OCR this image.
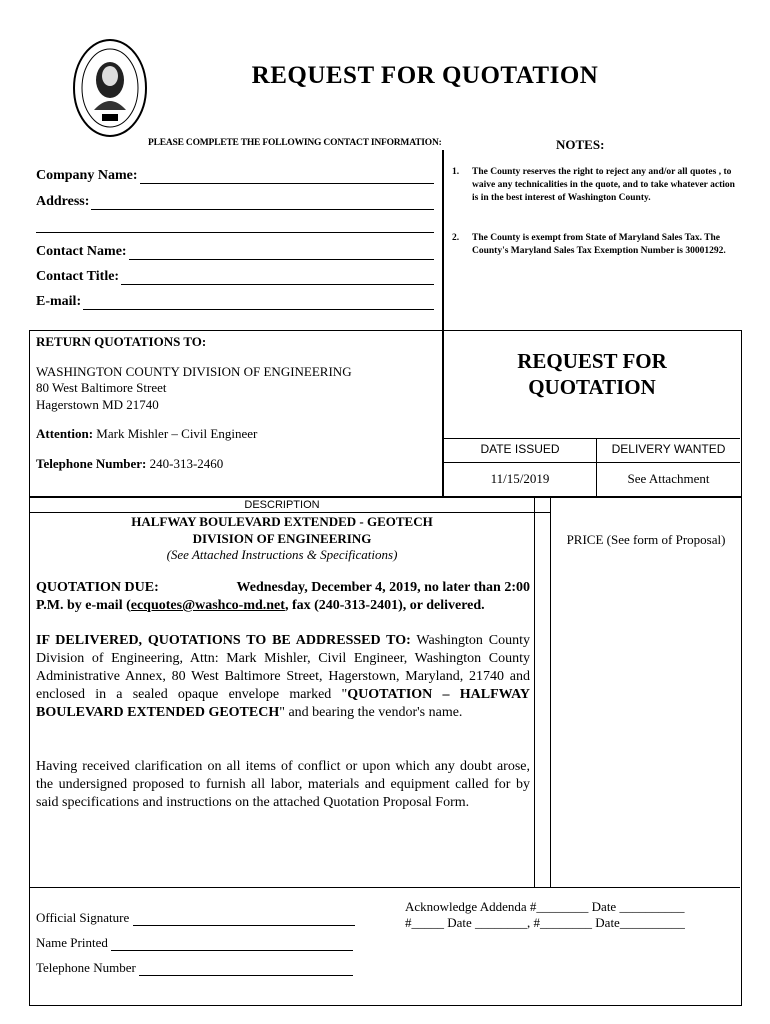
REQUEST FOR QUOTATION
PLEASE COMPLETE THE FOLLOWING CONTACT INFORMATION:	NOTES:
Company Name:
Address:
Contact Name:
Contact Title:
E-mail:
1.	The County reserves the right to reject any and/or all quotes , to waive any technicalities in the quote, and to take whatever action is in the best interest of Washington County.
2.	The County is exempt from State of Maryland Sales Tax. The County's Maryland Sales Tax Exemption Number is 30001292.
RETURN QUOTATIONS TO:
WASHINGTON COUNTY DIVISION OF ENGINEERING
80 West Baltimore Street
Hagerstown MD 21740
Attention: Mark Mishler – Civil Engineer
Telephone Number: 240-313-2460
REQUEST FOR
QUOTATION
DATE ISSUED	DELIVERY WANTED
11/15/2019	See Attachment
DESCRIPTION
HALFWAY BOULEVARD EXTENDED - GEOTECH
DIVISION OF ENGINEERING
(See Attached Instructions & Specifications)
PRICE (See form of Proposal)
QUOTATION DUE:	Wednesday, December 4, 2019, no later than 2:00
P.M. by e-mail (ecquotes@washco-md.net, fax (240-313-2401), or delivered.
IF DELIVERED, QUOTATIONS TO BE ADDRESSED TO: Washington County Division of Engineering, Attn: Mark Mishler, Civil Engineer, Washington County Administrative Annex, 80 West Baltimore Street, Hagerstown, Maryland, 21740 and enclosed in a sealed opaque envelope marked "QUOTATION – HALFWAY BOULEVARD EXTENDED GEOTECH" and bearing the vendor's name.
Having received clarification on all items of conflict or upon which any doubt arose, the undersigned proposed to furnish all labor, materials and equipment called for by said specifications and instructions on the attached Quotation Proposal Form.
Official Signature
Name Printed
Telephone Number
Acknowledge Addenda #________ Date __________
#_____ Date ________, #________ Date__________
